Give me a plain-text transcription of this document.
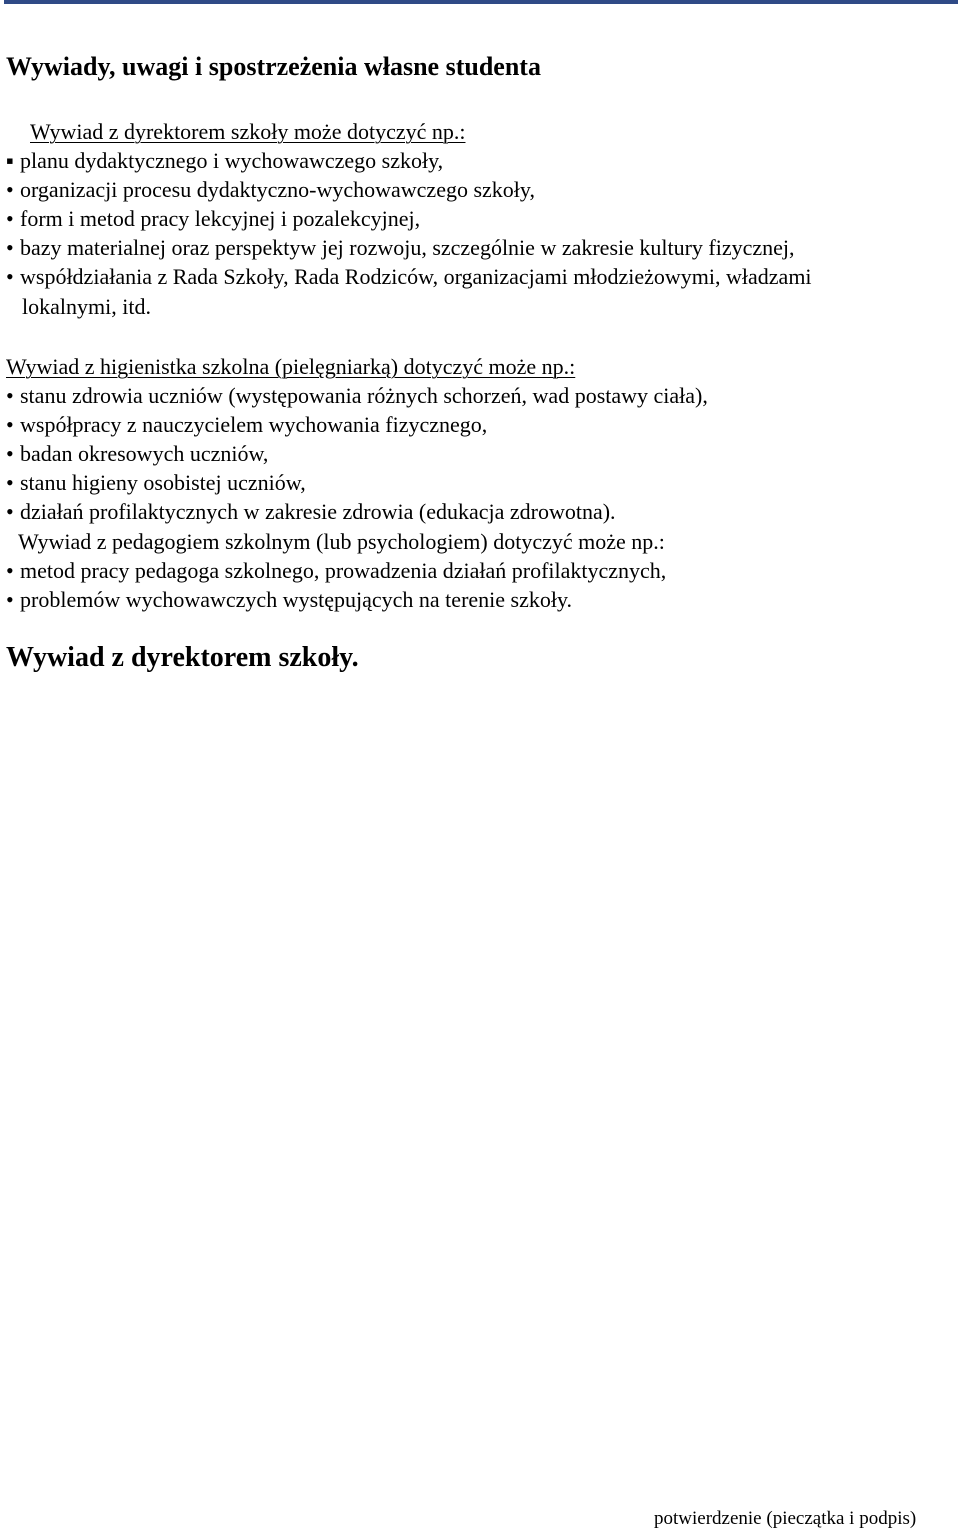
Wywiady, uwagi i spostrzeżenia własne studenta

Wywiad z dyrektorem szkoły może dotyczyć np.:

▪ planu dydaktycznego i wychowawczego szkoły,

• organizacji procesu dydaktyczno-wychowawczego szkoły,

• form i metod pracy lekcyjnej i pozalekcyjnej,

• bazy materialnej oraz perspektyw jej rozwoju, szczególnie w zakresie kultury fizycznej,

• współdziałania z Rada Szkoły, Rada Rodziców, organizacjami młodzieżowymi, władzami

lokalnymi, itd.

Wywiad z higienistka szkolna (pielęgniarką) dotyczyć może np.:

• stanu zdrowia uczniów (występowania różnych schorzeń, wad postawy ciała),

• współpracy z nauczycielem wychowania fizycznego,

• badan okresowych uczniów,

• stanu higieny osobistej uczniów,

• działań profilaktycznych w zakresie zdrowia (edukacja zdrowotna).

Wywiad z pedagogiem szkolnym (lub psychologiem) dotyczyć może np.:

• metod pracy pedagoga szkolnego, prowadzenia działań profilaktycznych,

• problemów wychowawczych występujących na terenie szkoły.

Wywiad z dyrektorem szkoły.

potwierdzenie (pieczątka i podpis)
